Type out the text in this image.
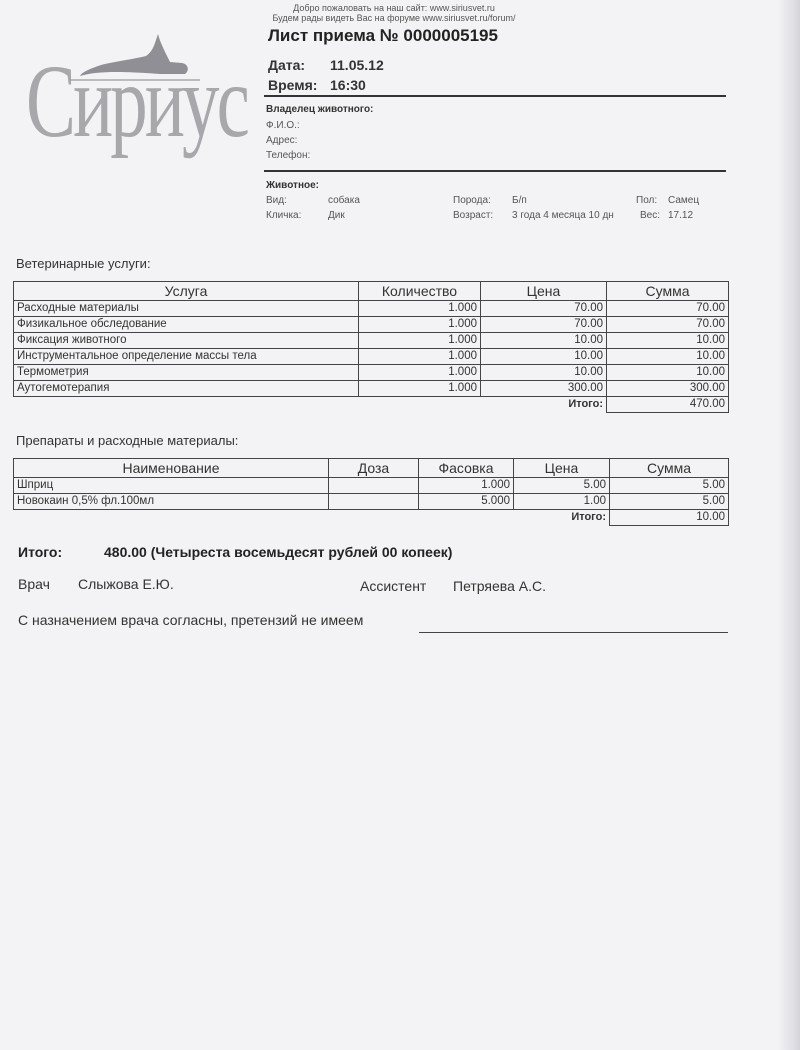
Добро пожаловать на наш сайт: www.siriusvet.ru
Будем рады видеть Вас на форуме www.siriusvet.ru/forum/
Сириус
Лист приема № 0000005195
Дата: 11.05.12
Время: 16:30
Владелец животного:
Ф.И.О.:
Адрес:
Телефон:
Животное:
Вид:	собака
Кличка:	Дик
Порода: Б/п
Возраст: 3 года 4 месяца 10 дн
Пол: Самец
Вес: 17.12
Ветеринарные услуги:
Услуга	Количество	Цена	Сумма
Расходные материалы	1.000	70.00	70.00
Физикальное обследование	1.000	70.00	70.00
Фиксация животного	1.000	10.00	10.00
Инструментальное определение массы тела	1.000	10.00	10.00
Термометрия	1.000	10.00	10.00
Аутогемотерапия	1.000	300.00	300.00
		Итого:	470.00
Препараты и расходные материалы:
Наименование	Доза	Фасовка	Цена	Сумма
Шприц		1.000	5.00	5.00
Новокаин 0,5% фл.100мл		5.000	1.00	5.00
			Итого:	10.00
Итого:	480.00 (Четыреста восемьдесят рублей 00 копеек)
Врач Слыжова Е.Ю.	Ассистент Петряева А.С.
С назначением врача согласны, претензий не имеем
